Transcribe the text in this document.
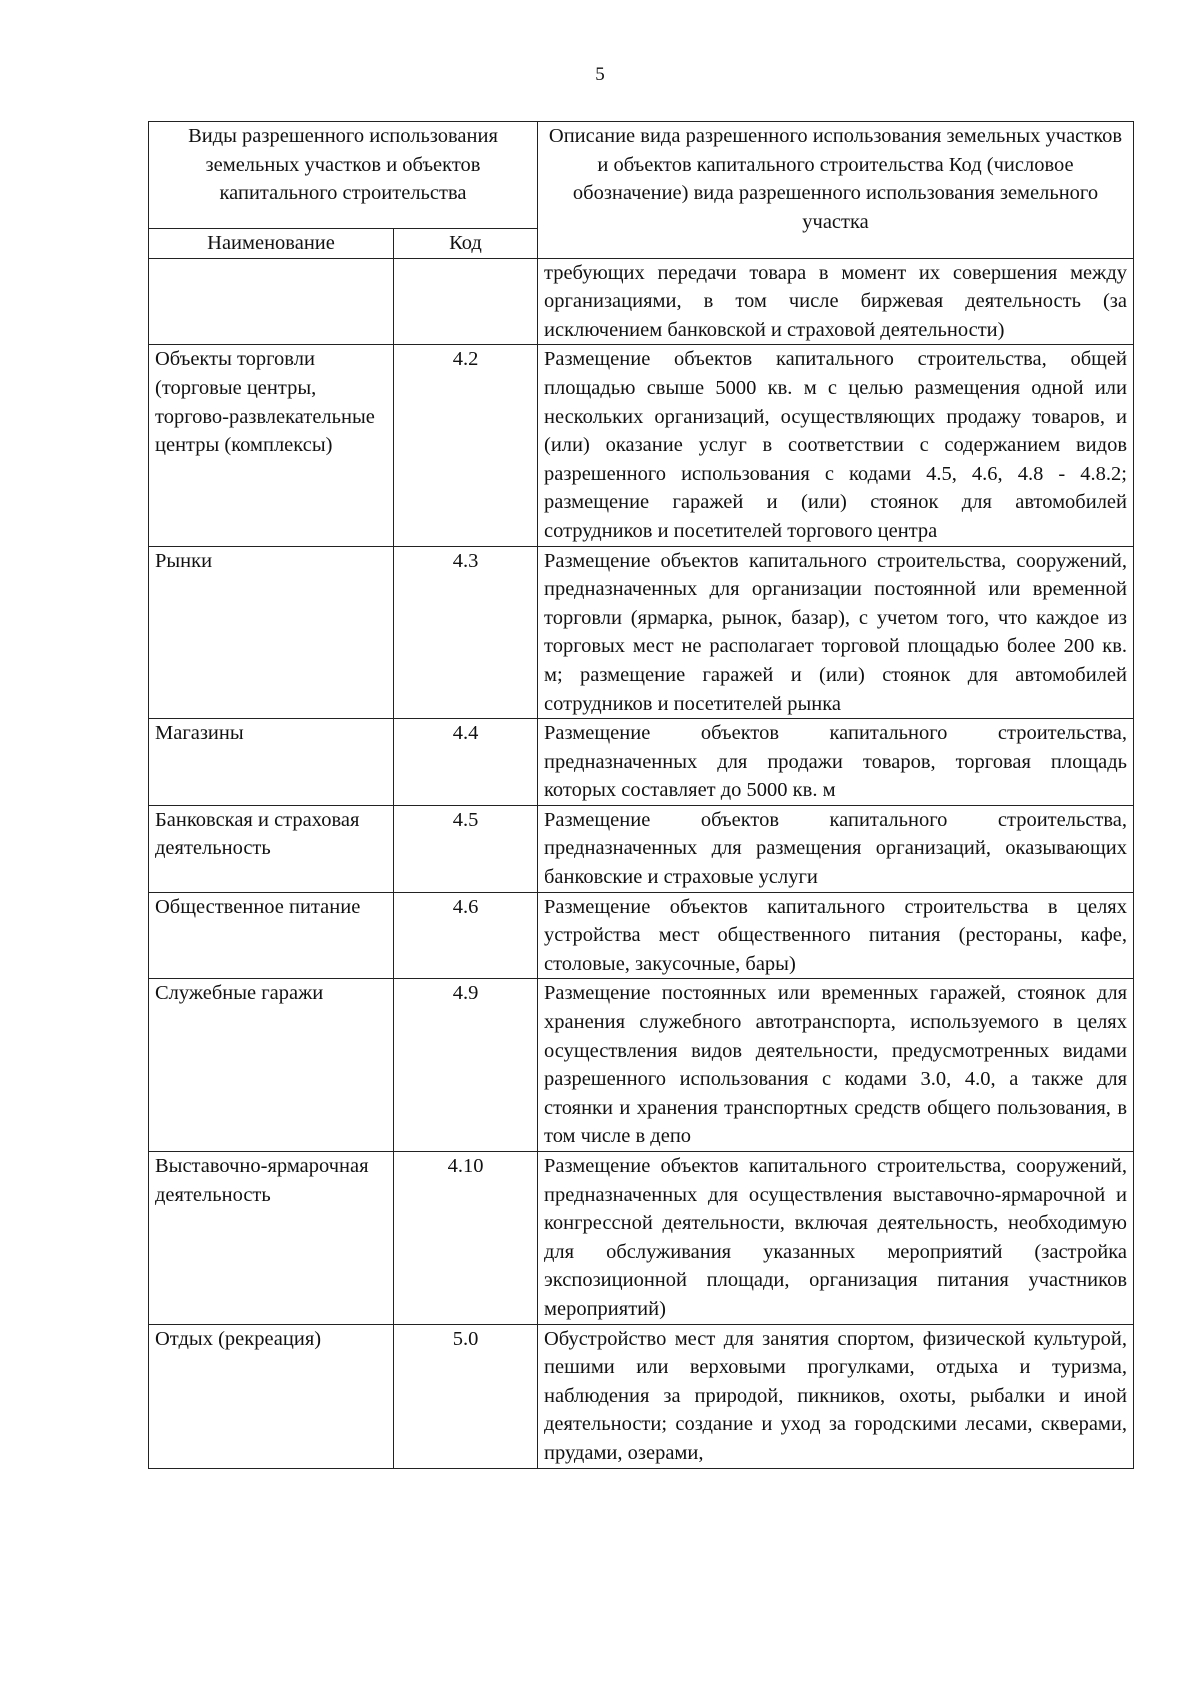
5
Виды разрешенного использования земельных участков и объектов капитального строительства		Описание вида разрешенного использования земельных участков и объектов капитального строительства Код (числовое обозначение) вида разрешенного использования земельного участка
Наименование	Код	
		требующих передачи товара в момент их совершения между организациями, в том числе биржевая деятельность (за исключением банковской и страховой деятельности)
Объекты торговли (торговые центры, торгово-развлекательные центры (комплексы)	4.2	Размещение объектов капитального строительства, общей площадью свыше 5000 кв. м с целью размещения одной или нескольких организаций, осуществляющих продажу товаров, и (или) оказание услуг в соответствии с содержанием видов разрешенного использования с кодами 4.5, 4.6, 4.8 - 4.8.2; размещение гаражей и (или) стоянок для автомобилей сотрудников и посетителей торгового центра
Рынки	4.3	Размещение объектов капитального строительства, сооружений, предназначенных для организации постоянной или временной торговли (ярмарка, рынок, базар), с учетом того, что каждое из торговых мест не располагает торговой площадью более 200 кв. м; размещение гаражей и (или) стоянок для автомобилей сотрудников и посетителей рынка
Магазины	4.4	Размещение объектов капитального строительства, предназначенных для продажи товаров, торговая площадь которых составляет до 5000 кв. м
Банковская и страховая деятельность	4.5	Размещение объектов капитального строительства, предназначенных для размещения организаций, оказывающих банковские и страховые услуги
Общественное питание	4.6	Размещение объектов капитального строительства в целях устройства мест общественного питания (рестораны, кафе, столовые, закусочные, бары)
Служебные гаражи	4.9	Размещение постоянных или временных гаражей, стоянок для хранения служебного автотранспорта, используемого в целях осуществления видов деятельности, предусмотренных видами разрешенного использования с кодами 3.0, 4.0, а также для стоянки и хранения транспортных средств общего пользования, в том числе в депо
Выставочно-ярмарочная деятельность	4.10	Размещение объектов капитального строительства, сооружений, предназначенных для осуществления выставочно-ярмарочной и конгрессной деятельности, включая деятельность, необходимую для обслуживания указанных мероприятий (застройка экспозиционной площади, организация питания участников мероприятий)
Отдых (рекреация)	5.0	Обустройство мест для занятия спортом, физической культурой, пешими или верховыми прогулками, отдыха и туризма, наблюдения за природой, пикников, охоты, рыбалки и иной деятельности; создание и уход за городскими лесами, скверами, прудами, озерами,
